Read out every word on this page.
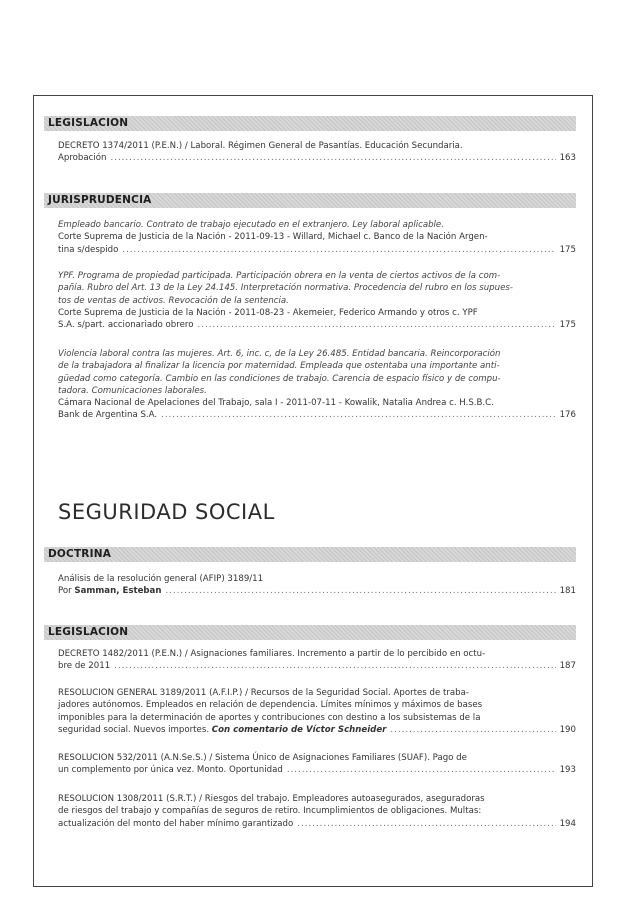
LEGISLACION
DECRETO 1374/2011 (P.E.N.) / Laboral. Régimen General de Pasantías. Educación Secundaria.
Aprobación .....	163
JURISPRUDENCIA
Empleado bancario. Contrato de trabajo ejecutado en el extranjero. Ley laboral aplicable.
Corte Suprema de Justicia de la Nación - 2011-09-13 - Willard, Michael c. Banco de la Nación Argen-
tina s/despido .....	175
YPF. Programa de propiedad participada. Participación obrera en la venta de ciertos activos de la com-
pañía. Rubro del Art. 13 de la Ley 24.145. Interpretación normativa. Procedencia del rubro en los supues-
tos de ventas de activos. Revocación de la sentencia.
Corte Suprema de Justicia de la Nación - 2011-08-23 - Akemeier, Federico Armando y otros c. YPF
S.A. s/part. accionariado obrero .....	175
Violencia laboral contra las mujeres. Art. 6, inc. c, de la Ley 26.485. Entidad bancaria. Reincorporación
de la trabajadora al finalizar la licencia por maternidad. Empleada que ostentaba una importante anti-
güedad como categoría. Cambio en las condiciones de trabajo. Carencia de espacio físico y de compu-
tadora. Comunicaciones laborales.
Cámara Nacional de Apelaciones del Trabajo, sala I - 2011-07-11 - Kowalik, Natalia Andrea c. H.S.B.C.
Bank de Argentina S.A. .....	176
SEGURIDAD SOCIAL
DOCTRINA
Análisis de la resolución general (AFIP) 3189/11
Por Samman, Esteban .....	181
LEGISLACION
DECRETO 1482/2011 (P.E.N.) / Asignaciones familiares. Incremento a partir de lo percibido en octu-
bre de 2011 .....	187
RESOLUCION GENERAL 3189/2011 (A.F.I.P.) / Recursos de la Seguridad Social. Aportes de traba-
jadores autónomos. Empleados en relación de dependencia. Límites mínimos y máximos de bases
imponibles para la determinación de aportes y contribuciones con destino a los subsistemas de la
seguridad social. Nuevos importes. Con comentario de Víctor Schneider .....	190
RESOLUCION 532/2011 (A.N.Se.S.) / Sistema Único de Asignaciones Familiares (SUAF). Pago de
un complemento por única vez. Monto. Oportunidad .....	193
RESOLUCION 1308/2011 (S.R.T.) / Riesgos del trabajo. Empleadores autoasegurados, aseguradoras
de riesgos del trabajo y compañías de seguros de retiro. Incumplimientos de obligaciones. Multas:
actualización del monto del haber mínimo garantizado .....	194
